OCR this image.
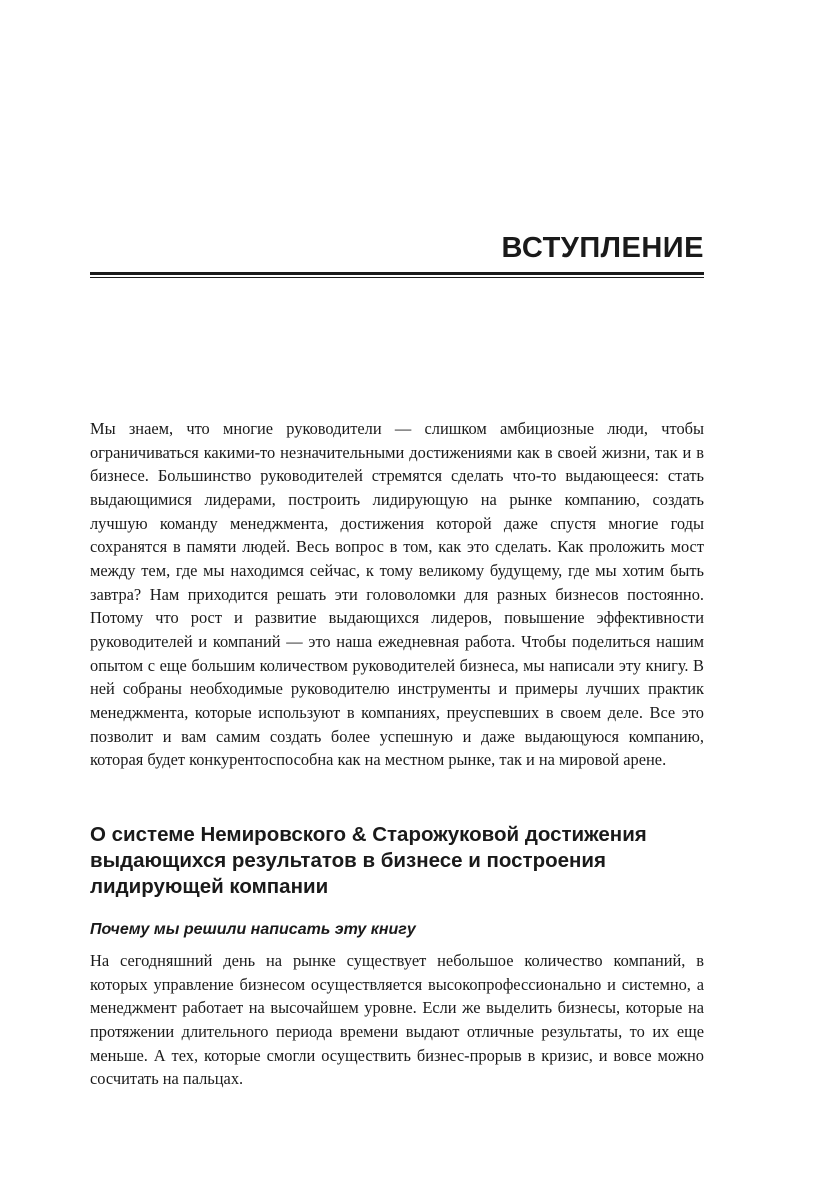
ВСТУПЛЕНИЕ

Мы знаем, что многие руководители — слишком амбициозные люди, чтобы ограничиваться какими-то незначительными достижениями как в своей жизни, так и в бизнесе. Большинство руководителей стремятся сделать что-то выдающееся: стать выдающимися лидерами, построить лидирующую на рынке компанию, создать лучшую команду менеджмента, достижения которой даже спустя многие годы сохранятся в памяти людей. Весь вопрос в том, как это сделать. Как проложить мост между тем, где мы находимся сейчас, к тому великому будущему, где мы хотим быть завтра? Нам приходится решать эти головоломки для разных бизнесов постоянно. Потому что рост и развитие выдающихся лидеров, повышение эффективности руководителей и компаний — это наша ежедневная работа. Чтобы поделиться нашим опытом с еще большим количеством руководителей бизнеса, мы написали эту книгу. В ней собраны необходимые руководителю инструменты и примеры лучших практик менеджмента, которые используют в компаниях, преуспевших в своем деле. Все это позволит и вам самим создать более успешную и даже выдающуюся компанию, которая будет конкурентоспособна как на местном рынке, так и на мировой арене.

О системе Немировского & Старожуковой достижения выдающихся результатов в бизнесе и построения лидирующей компании
Почему мы решили написать эту книгу

На сегодняшний день на рынке существует небольшое количество компаний, в которых управление бизнесом осуществляется высокопрофессионально и системно, а менеджмент работает на высочайшем уровне. Если же выделить бизнесы, которые на протяжении длительного периода времени выдают отличные результаты, то их еще меньше. А тех, которые смогли осуществить бизнес-прорыв в кризис, и вовсе можно сосчитать на пальцах.
